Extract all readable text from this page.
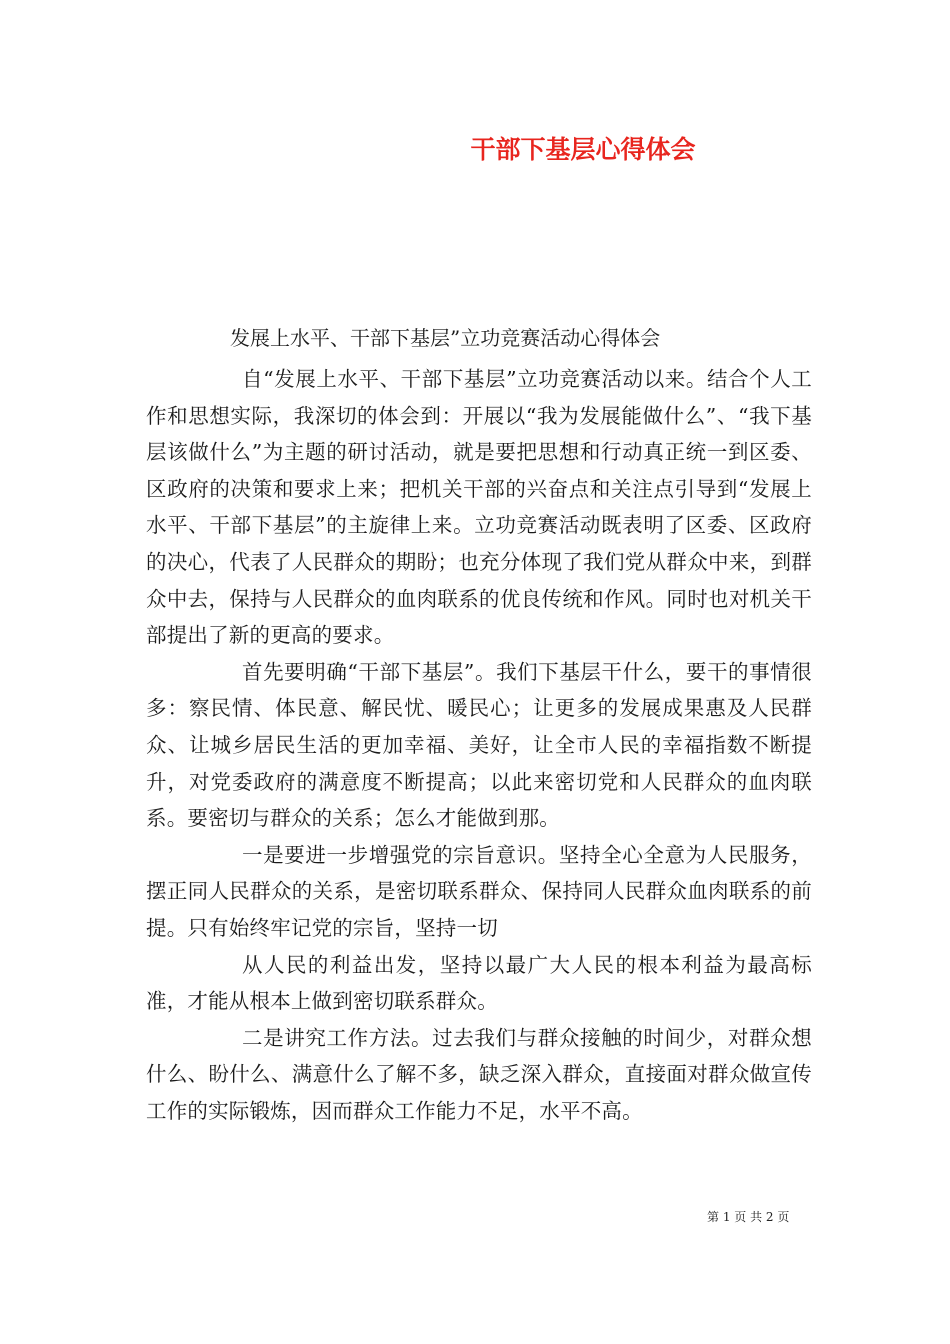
干部下基层心得体会

发展上水平、干部下基层”立功竞赛活动心得体会

自“发展上水平、干部下基层”立功竞赛活动以来。结合个人工作和思想实际，我深切的体会到：开展以“我为发展能做什么”、“我下基层该做什么”为主题的研讨活动，就是要把思想和行动真正统一到区委、区政府的决策和要求上来；把机关干部的兴奋点和关注点引导到“发展上水平、干部下基层”的主旋律上来。立功竞赛活动既表明了区委、区政府的决心，代表了人民群众的期盼；也充分体现了我们党从群众中来，到群众中去，保持与人民群众的血肉联系的优良传统和作风。同时也对机关干部提出了新的更高的要求。

首先要明确“干部下基层”。我们下基层干什么，要干的事情很多：察民情、体民意、解民忧、暖民心；让更多的发展成果惠及人民群众、让城乡居民生活的更加幸福、美好，让全市人民的幸福指数不断提升，对党委政府的满意度不断提高；以此来密切党和人民群众的血肉联系。要密切与群众的关系；怎么才能做到那。

一是要进一步增强党的宗旨意识。坚持全心全意为人民服务，摆正同人民群众的关系，是密切联系群众、保持同人民群众血肉联系的前提。只有始终牢记党的宗旨，坚持一切

从人民的利益出发，坚持以最广大人民的根本利益为最高标准，才能从根本上做到密切联系群众。

二是讲究工作方法。过去我们与群众接触的时间少，对群众想什么、盼什么、满意什么了解不多，缺乏深入群众，直接面对群众做宣传工作的实际锻炼，因而群众工作能力不足，水平不高。

第 1 页 共 2 页
